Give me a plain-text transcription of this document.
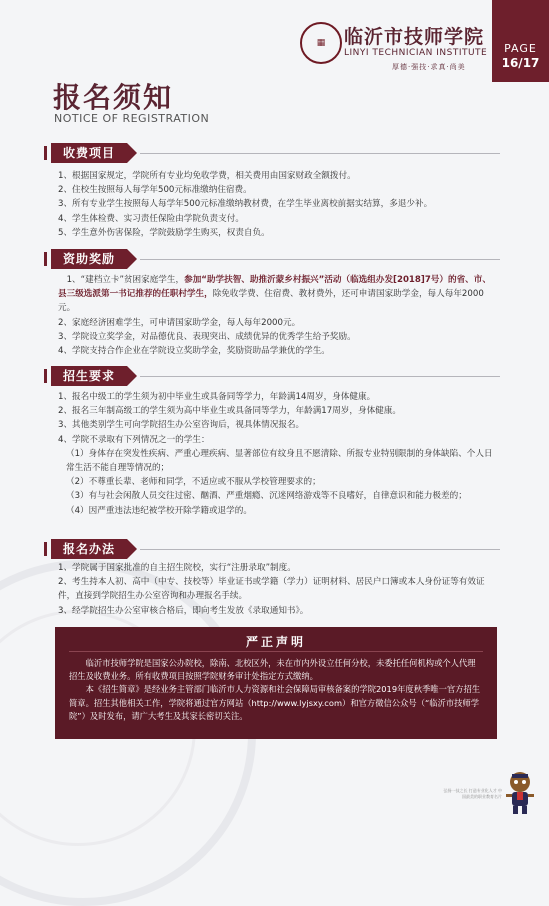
▦ 临沂市技师学院
LINYI TECHNICIAN INSTITUTE
厚德·强技·求真·尚美
PAGE
16/17
报名须知
NOTICE OF REGISTRATION
收费项目

1、根据国家规定，学院所有专业均免收学费，相关费用由国家财政全额拨付。

2、住校生按照每人每学年500元标准缴纳住宿费。

3、所有专业学生按照每人每学年500元标准缴纳教材费，在学生毕业离校前据实结算，多退少补。

4、学生体检费、实习责任保险由学院负责支付。

5、学生意外伤害保险，学院鼓励学生购买，权责自负。

资助奖励

1、“建档立卡”贫困家庭学生，参加“助学扶智、助推沂蒙乡村振兴”活动（临选组办发[2018]7号）的省、市、县三级选派第一书记推荐的任职村学生，除免收学费、住宿费、教材费外，还可申请国家助学金，每人每年2000元。

2、家庭经济困难学生，可申请国家助学金，每人每年2000元。

3、学院设立奖学金，对品德优良、表现突出、成绩优异的优秀学生给予奖励。

4、学院支持合作企业在学院设立奖助学金，奖励资助品学兼优的学生。

招生要求

1、报名中级工的学生须为初中毕业生或具备同等学力，年龄满14周岁，身体健康。

2、报名三年制高级工的学生须为高中毕业生或具备同等学力，年龄满17周岁，身体健康。

3、其他类别学生可向学院招生办公室咨询后，视具体情况报名。

4、学院不录取有下列情况之一的学生：

（1）身体存在突发性疾病、严重心理疾病、显著部位有纹身且不愿清除、所报专业特别限制的身体缺陷、个人日常生活不能自理等情况的；

（2）不尊重长辈、老师和同学，不适应或不服从学校管理要求的；

（3）有与社会闲散人员交往过密、酗酒、严重烟瘾、沉迷网络游戏等不良嗜好，自律意识和能力极差的；

（4）因严重违法违纪被学校开除学籍或退学的。

报名办法

1、学院属于国家批准的自主招生院校，实行“注册录取”制度。

2、考生持本人初、高中（中专、技校等）毕业证书或学籍（学力）证明材料、居民户口簿或本人身份证等有效证件，直接到学院招生办公室咨询和办理报名手续。

3、经学院招生办公室审核合格后，即向考生发放《录取通知书》。

严正声明

临沂市技师学院是国家公办院校，除南、北校区外，未在市内外设立任何分校，未委托任何机构或个人代理招生及收费业务。所有收费项目按照学院财务审计处指定方式缴纳。

本《招生简章》是经业务主管部门临沂市人力资源和社会保障局审核备案的学院2019年度秋季唯一官方招生简章。招生其他相关工作，学院将通过官方网站（http://www.lyjsxy.com）和官方微信公众号（“临沂市技师学院”）及时发布，请广大考生及其家长密切关注。

弘扬一技之长 打造专业化人才 中国最美的职业教育名片
